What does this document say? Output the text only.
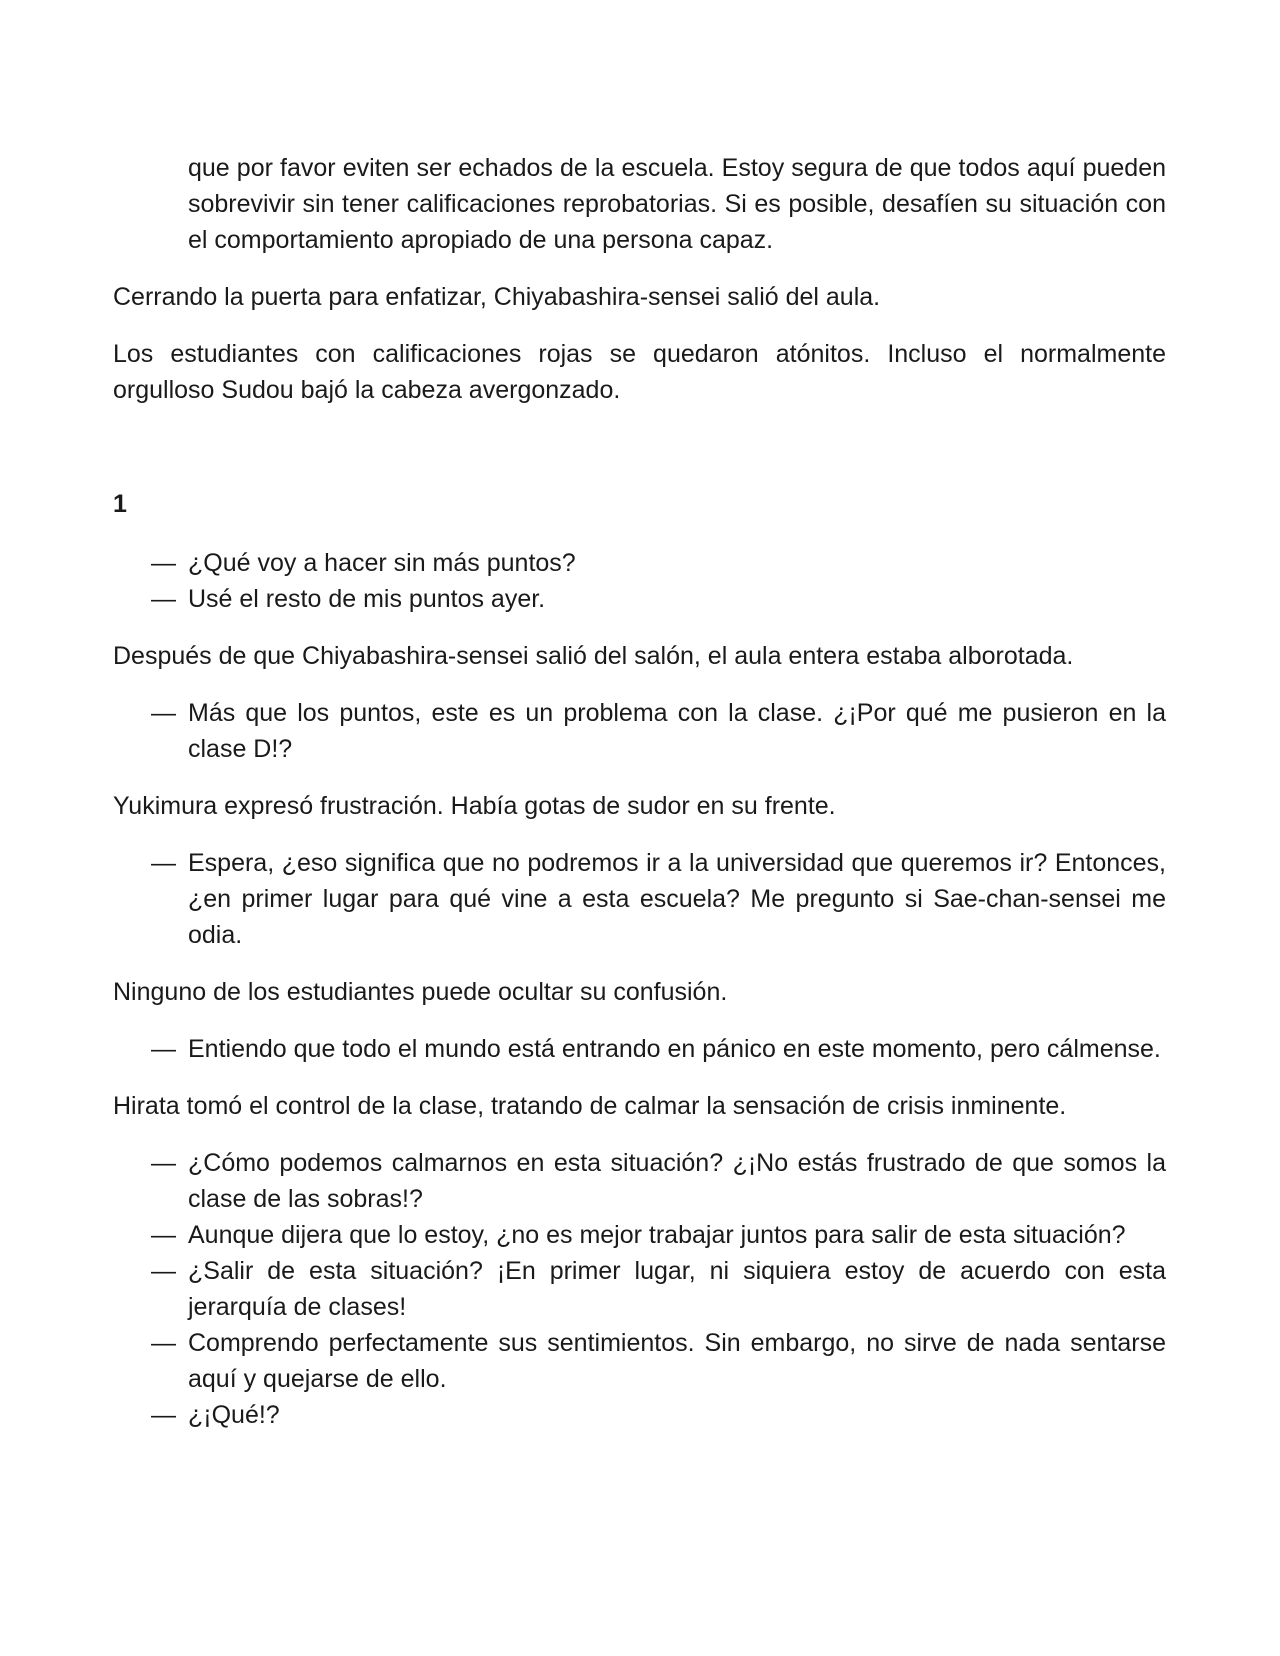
que por favor eviten ser echados de la escuela. Estoy segura de que todos aquí pueden sobrevivir sin tener calificaciones reprobatorias. Si es posible, desafíen su situación con el comportamiento apropiado de una persona capaz.

Cerrando la puerta para enfatizar, Chiyabashira-sensei salió del aula.

Los estudiantes con calificaciones rojas se quedaron atónitos. Incluso el normalmente orgulloso Sudou bajó la cabeza avergonzado.

1

— ¿Qué voy a hacer sin más puntos?
— Usé el resto de mis puntos ayer.

Después de que Chiyabashira-sensei salió del salón, el aula entera estaba alborotada.

— Más que los puntos, este es un problema con la clase. ¿¡Por qué me pusieron en la clase D!?

Yukimura expresó frustración. Había gotas de sudor en su frente.

— Espera, ¿eso significa que no podremos ir a la universidad que queremos ir? Entonces, ¿en primer lugar para qué vine a esta escuela? Me pregunto si Sae-chan-sensei me odia.

Ninguno de los estudiantes puede ocultar su confusión.

— Entiendo que todo el mundo está entrando en pánico en este momento, pero cálmense.

Hirata tomó el control de la clase, tratando de calmar la sensación de crisis inminente.

— ¿Cómo podemos calmarnos en esta situación? ¿¡No estás frustrado de que somos la clase de las sobras!?
— Aunque dijera que lo estoy, ¿no es mejor trabajar juntos para salir de esta situación?
— ¿Salir de esta situación? ¡En primer lugar, ni siquiera estoy de acuerdo con esta jerarquía de clases!
— Comprendo perfectamente sus sentimientos. Sin embargo, no sirve de nada sentarse aquí y quejarse de ello.
— ¿¡Qué!?
